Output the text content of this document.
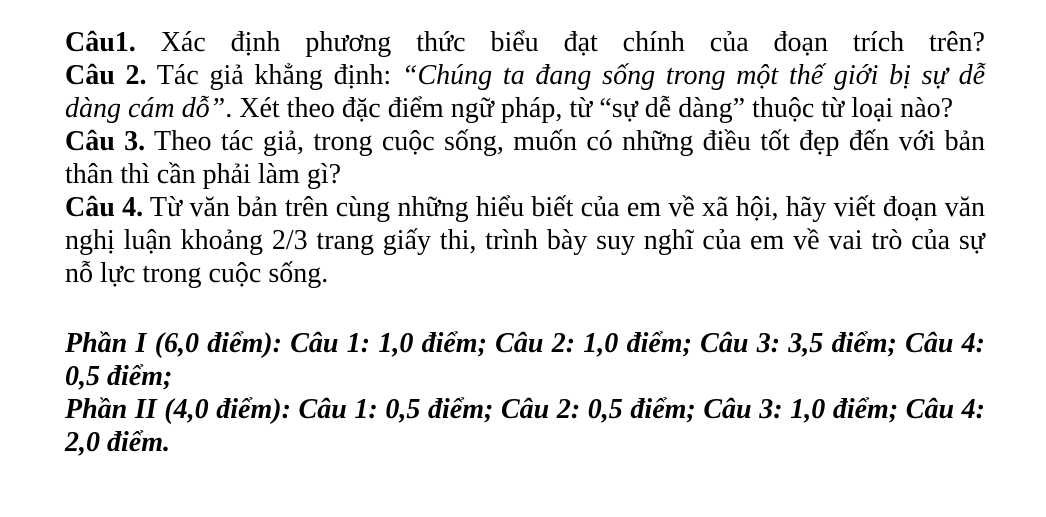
Câu1. Xác định phương thức biểu đạt chính của đoạn trích trên?

Câu 2. Tác giả khẳng định: “Chúng ta đang sống trong một thế giới bị sự dễ dàng cám dỗ”. Xét theo đặc điểm ngữ pháp, từ “sự dễ dàng” thuộc từ loại nào?

Câu 3. Theo tác giả, trong cuộc sống, muốn có những điều tốt đẹp đến với bản thân thì cần phải làm gì?

Câu 4. Từ văn bản trên cùng những hiểu biết của em về xã hội, hãy viết đoạn văn nghị luận khoảng 2/3 trang giấy thi, trình bày suy nghĩ của em về vai trò của sự nỗ lực trong cuộc sống.

Phần I (6,0 điểm): Câu 1: 1,0 điểm; Câu 2: 1,0 điểm; Câu 3: 3,5 điểm; Câu 4: 0,5 điểm;

Phần II (4,0 điểm): Câu 1: 0,5 điểm; Câu 2: 0,5 điểm; Câu 3: 1,0 điểm; Câu 4: 2,0 điểm.
